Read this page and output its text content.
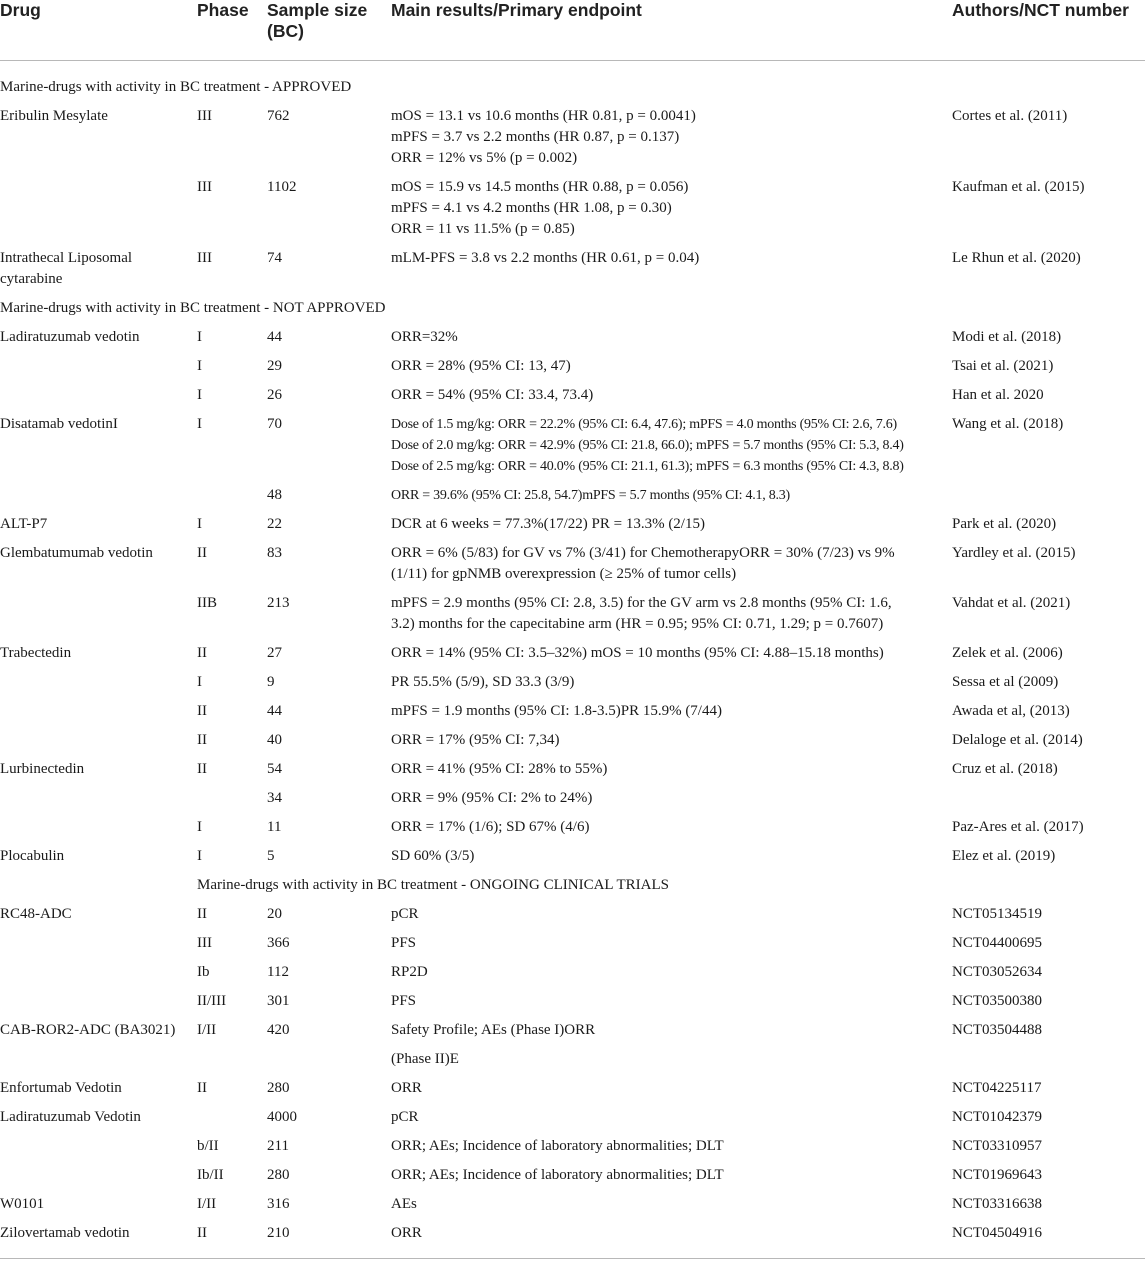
Drug	Phase	Sample size (BC)	Main results/Primary endpoint	Authors/NCT number
Marine-drugs with activity in BC treatment - APPROVED				
Eribulin Mesylate	III	762	mOS = 13.1 vs 10.6 months (HR 0.81, p = 0.0041)
mPFS = 3.7 vs 2.2 months (HR 0.87, p = 0.137)
ORR = 12% vs 5% (p = 0.002)	Cortes et al. (2011)
	III	1102	mOS = 15.9 vs 14.5 months (HR 0.88, p = 0.056)
mPFS = 4.1 vs 4.2 months (HR 1.08, p = 0.30)
ORR = 11 vs 11.5% (p = 0.85)	Kaufman et al. (2015)
Intrathecal Liposomal cytarabine	III	74	mLM-PFS = 3.8 vs 2.2 months (HR 0.61, p = 0.04)	Le Rhun et al. (2020)
Marine-drugs with activity in BC treatment - NOT APPROVED				
Ladiratuzumab vedotin	I	44	ORR=32%	Modi et al. (2018)
	I	29	ORR = 28% (95% CI: 13, 47)	Tsai et al. (2021)
	I	26	ORR = 54% (95% CI: 33.4, 73.4)	Han et al. 2020
Disatamab vedotinI	I	70	Dose of 1.5 mg/kg: ORR = 22.2% (95% CI: 6.4, 47.6); mPFS = 4.0 months (95% CI: 2.6, 7.6)
Dose of 2.0 mg/kg: ORR = 42.9% (95% CI: 21.8, 66.0); mPFS = 5.7 months (95% CI: 5.3, 8.4)
Dose of 2.5 mg/kg: ORR = 40.0% (95% CI: 21.1, 61.3); mPFS = 6.3 months (95% CI: 4.3, 8.8)	Wang et al. (2018)
		48	ORR = 39.6% (95% CI: 25.8, 54.7)mPFS = 5.7 months (95% CI: 4.1, 8.3)	

ALT-P7	I	22	DCR at 6 weeks = 77.3%(17/22) PR = 13.3% (2/15)	Park et al. (2020)
Glembatumumab vedotin	II	83	ORR = 6% (5/83) for GV vs 7% (3/41) for ChemotherapyORR = 30% (7/23) vs 9%
(1/11) for gpNMB overexpression (≥ 25% of tumor cells)	Yardley et al. (2015)
	IIB	213	mPFS = 2.9 months (95% CI: 2.8, 3.5) for the GV arm vs 2.8 months (95% CI: 1.6,
3.2) months for the capecitabine arm (HR = 0.95; 95% CI: 0.71, 1.29; p = 0.7607)	Vahdat et al. (2021)
Trabectedin	II	27	ORR = 14% (95% CI: 3.5–32%) mOS = 10 months (95% CI: 4.88–15.18 months)	Zelek et al. (2006)
	I	9	PR 55.5% (5/9), SD 33.3 (3/9)	Sessa et al (2009)
	II	44	mPFS = 1.9 months (95% CI: 1.8-3.5)PR 15.9% (7/44)	Awada et al, (2013)
	II	40	ORR = 17% (95% CI: 7,34)	Delaloge et al. (2014)
Lurbinectedin	II	54	ORR = 41% (95% CI: 28% to 55%)	Cruz et al. (2018)
		34	ORR = 9% (95% CI: 2% to 24%)	

	I	11	ORR = 17% (1/6); SD 67% (4/6)	Paz-Ares et al. (2017)
Plocabulin	I	5	SD 60% (3/5)	Elez et al. (2019)
	Marine-drugs with activity in BC treatment - ONGOING CLINICAL TRIALS			
RC48-ADC	II	20	pCR	NCT05134519
	III	366	PFS	NCT04400695
	Ib	112	RP2D	NCT03052634
	II/III	301	PFS	NCT03500380
CAB-ROR2-ADC (BA3021)	I/II	420	Safety Profile; AEs (Phase I)ORR	NCT03504488

			(Phase II)E	

Enfortumab Vedotin	II	280	ORR	NCT04225117
Ladiratuzumab Vedotin		4000	pCR	NCT01042379
	b/II	211	ORR; AEs; Incidence of laboratory abnormalities; DLT	NCT03310957
	Ib/II	280	ORR; AEs; Incidence of laboratory abnormalities; DLT	NCT01969643
W0101	I/II	316	AEs	NCT03316638
Zilovertamab vedotin	II	210	ORR	NCT04504916
